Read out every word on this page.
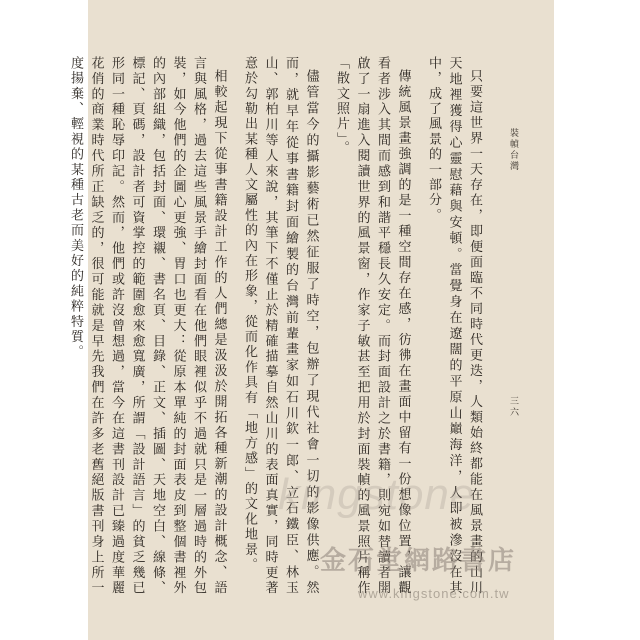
裝幀台灣
三六

只要這世界一天存在，即便面臨不同時代更迭，人類始終都能在風景畫的山川天地裡獲得心靈慰藉與安頓。當覺身在遼闊的平原山巔海洋，人即被滲沒在其中，成了風景的一部分。

傳統風景畫強調的是一種空間存在感，彷彿在畫面中留有一份想像位置，讓觀看者涉入其間而感到和諧平穩長久安定。而封面設計之於書籍，則宛如替讀者開啟了一扇進入閱讀世界的風景窗，作家子敏甚至把用於封面裝幀的風景照片稱作「散文照片」。

儘管當今的攝影藝術已然征服了時空，包辦了現代社會一切的影像供應。然而，就早年從事書籍封面繪製的台灣前輩畫家如石川欽一郎、立石鐵臣、林玉山、郭柏川等人來說，其筆下不僅止於精確描摹自然山川的表面真實，同時更著意於勾勒出某種人文屬性的內在形象，從而化作具有「地方感」的文化地景。

相較起現下從事書籍設計工作的人們總是汲汲於開拓各種新潮的設計概念、語言與風格，過去這些風景手繪封面看在他們眼裡似乎不過就只是一層過時的外包裝，如今他們的企圖心更強、胃口也更大：從原本單純的封面表皮到整個書裡外的內部組織，包括封面、環襯、書名頁、目錄、正文、插圖、天地空白、線條、標記、頁碼，設計者可資掌控的範圍愈來愈寬廣，所謂「設計語言」的貧乏幾已形同一種恥辱印記。然而，他們或許沒曾想過，當今在這書刊設計已臻過度華麗花俏的商業時代所正缺乏的，很可能就是早先我們在許多老舊絕版書刊身上所一度揚棄、輕視的某種古老而美好的純粹特質。

kingstone
金石堂網路書店
www.kingstone.com.tw
